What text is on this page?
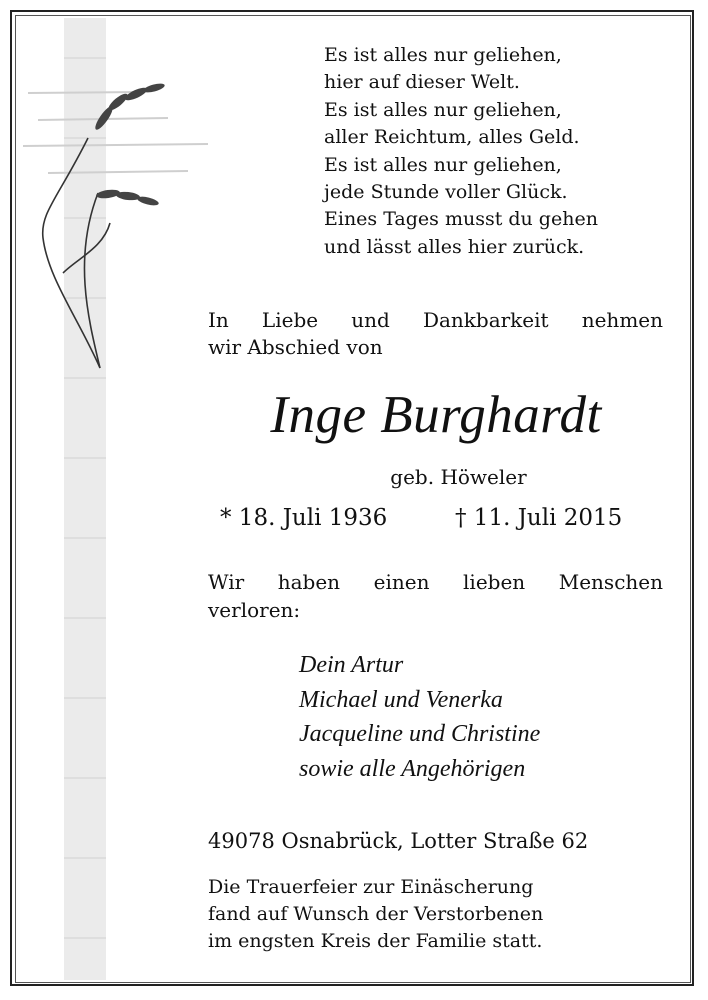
Es ist alles nur geliehen,
hier auf dieser Welt.
Es ist alles nur geliehen,
aller Reichtum, alles Geld.
Es ist alles nur geliehen,
jede Stunde voller Glück.
Eines Tages musst du gehen
und lässt alles hier zurück.
In Liebe und Dankbarkeit nehmen
wir Abschied von
Inge Burghardt
geb. Höweler
* 18. Juli 1936	† 11. Juli 2015
Wir haben einen lieben Menschen
verloren:
Dein Artur
Michael und Venerka
Jacqueline und Christine
sowie alle Angehörigen
49078 Osnabrück, Lotter Straße 62
Die Trauerfeier zur Einäscherung
fand auf Wunsch der Verstorbenen
im engsten Kreis der Familie statt.
